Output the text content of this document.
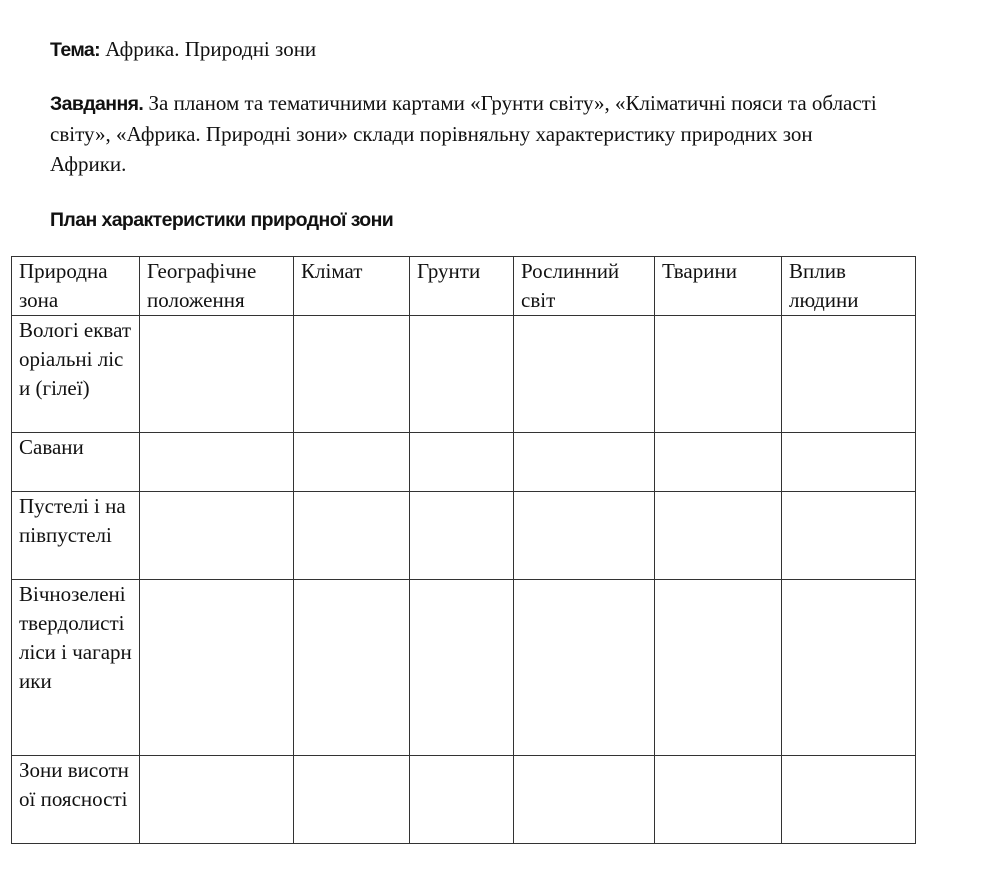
Тема: Африка. Природні зони

Завдання. За планом та тематичними картами «Грунти світу», «Кліматичні пояси та області світу», «Африка. Природні зони» склади порівняльну характеристику природних зон Африки.

План характеристики природної зони

Природна зона	Географічне положення	Клімат	Грунти	Рослинний світ	Тварини	Вплив людини
Вологі екваторіальні ліси (гілеї)						
Савани						
Пустелі і напівпустелі						
Вічнозелені твердолисті ліси і чагарники						
Зони висотної поясності						
